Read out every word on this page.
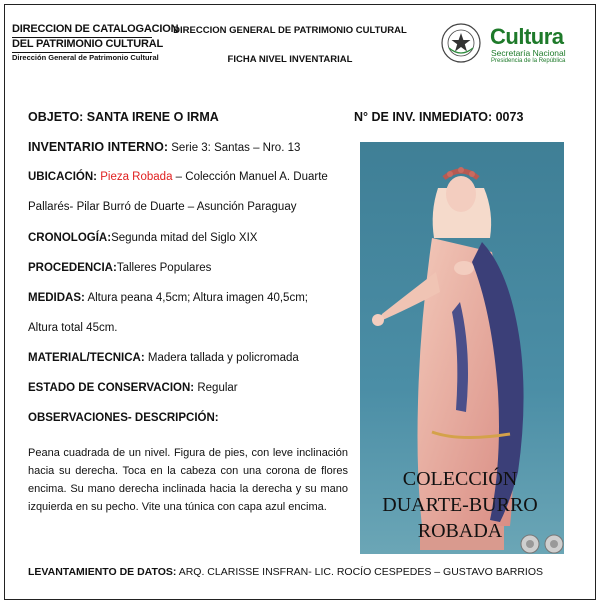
DIRECCION DE CATALOGACION
DEL PATRIMONIO CULTURAL
Dirección General de Patrimonio Cultural
DIRECCION GENERAL DE PATRIMONIO CULTURAL
FICHA NIVEL INVENTARIAL
Cultura
Secretaría Nacional
Presidencia de la República
OBJETO: SANTA IRENE O IRMA	N° DE INV. INMEDIATO: 0073
INVENTARIO INTERNO: Serie 3: Santas – Nro. 13
UBICACIÓN: Pieza Robada – Colección Manuel A. Duarte
Pallarés- Pilar Burró de Duarte – Asunción Paraguay
CRONOLOGÍA:Segunda mitad del Siglo XIX
PROCEDENCIA:Talleres Populares
MEDIDAS: Altura peana 4,5cm; Altura imagen 40,5cm;
Altura total 45cm.
MATERIAL/TECNICA: Madera tallada y policromada
ESTADO DE CONSERVACION: Regular
OBSERVACIONES- DESCRIPCIÓN:
Peana cuadrada de un nivel. Figura de pies, con leve inclinación hacia su derecha. Toca en la cabeza con una corona de flores encima. Su mano derecha inclinada hacia la derecha y su mano izquierda en su pecho. Vite una túnica con capa azul encima.
COLECCIÓN
DUARTE-BURRO
ROBADA
LEVANTAMIENTO DE DATOS: ARQ. CLARISSE INSFRAN- LIC. ROCÍO CESPEDES – GUSTAVO BARRIOS
